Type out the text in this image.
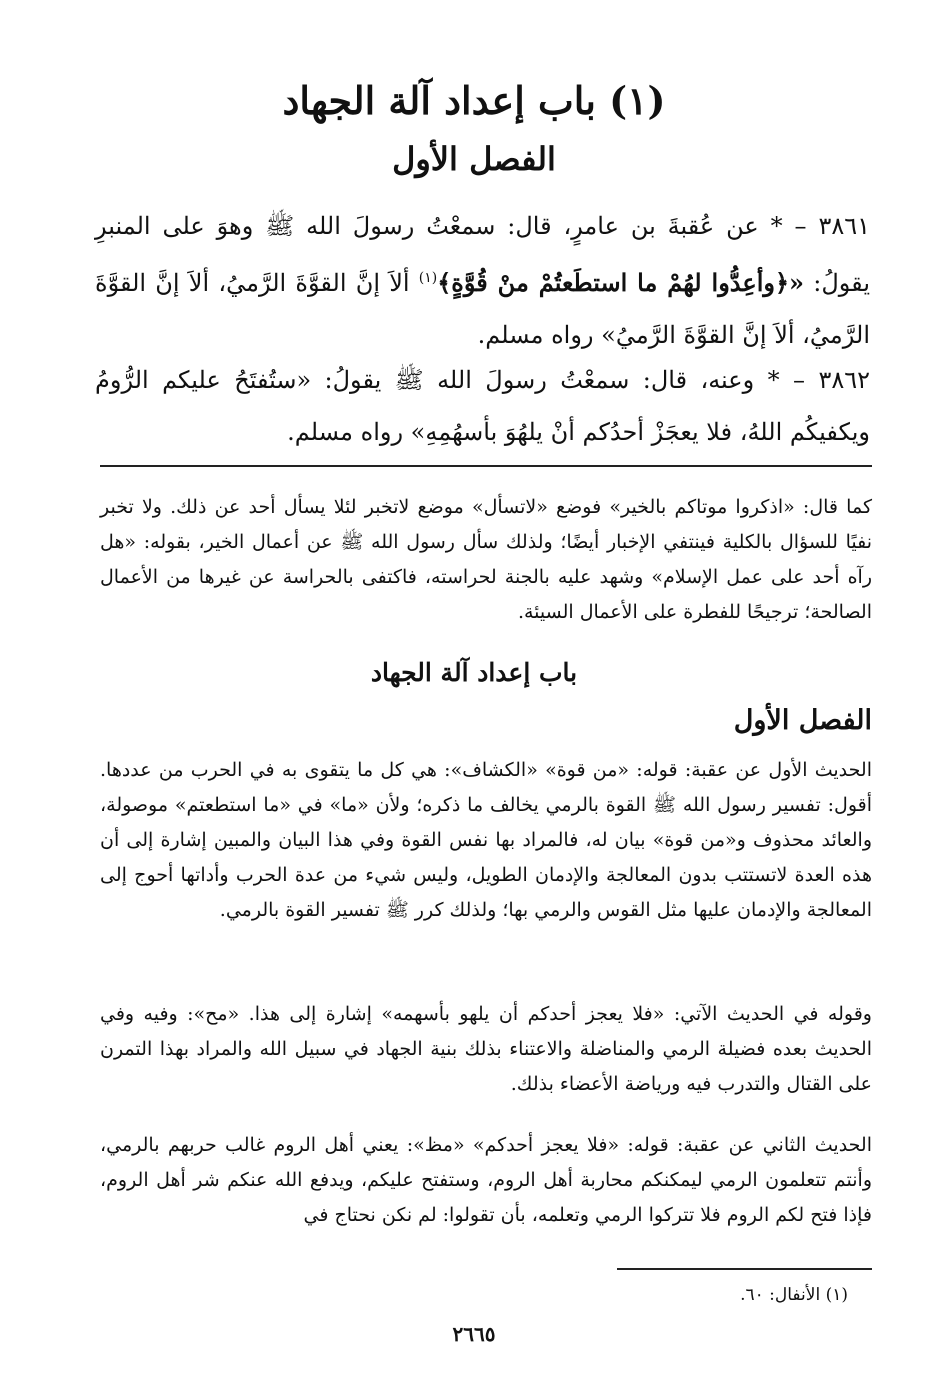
(١) باب إعداد آلة الجهاد
الفصل الأول
٣٨٦١ – * عن عُقبةَ بن عامرٍ، قال: سمعْتُ رسولَ الله ﷺ وهوَ على المنبرِ يقولُ: «﴿وأعِدُّوا لهُمْ ما استطَعتُمْ منْ قُوَّةٍ﴾$^{(١)}$ ألاَ إنَّ القوَّةَ الرَّميُ، ألاَ إنَّ القوَّةَ الرَّميُ، ألاَ إنَّ القوَّةَ الرَّميُ» رواه مسلم.
٣٨٦٢ – * وعنه، قال: سمعْتُ رسولَ الله ﷺ يقولُ: «ستُفتَحُ عليكم الرُّومُ ويكفيكُم اللهُ، فلا يعجَزْ أحدُكم أنْ يلهُوَ بأسهُمِهِ» رواه مسلم.
كما قال: «اذكروا موتاكم بالخير» فوضع «لاتسأل» موضع لاتخبر لئلا يسأل أحد عن ذلك. ولا تخبر نفيًا للسؤال بالكلية فينتفي الإخبار أيضًا؛ ولذلك سأل رسول الله ﷺ عن أعمال الخير، بقوله: «هل رآه أحد على عمل الإسلام» وشهد عليه بالجنة لحراسته، فاكتفى بالحراسة عن غيرها من الأعمال الصالحة؛ ترجيحًا للفطرة على الأعمال السيئة.
باب إعداد آلة الجهاد
الفصل الأول
الحديث الأول عن عقبة: قوله: «من قوة» «الكشاف»: هي كل ما يتقوى به في الحرب من عددها. أقول: تفسير رسول الله ﷺ القوة بالرمي يخالف ما ذكره؛ ولأن «ما» في «ما استطعتم» موصولة، والعائد محذوف و«من قوة» بيان له، فالمراد بها نفس القوة وفي هذا البيان والمبين إشارة إلى أن هذه العدة لاتستتب بدون المعالجة والإدمان الطويل، وليس شيء من عدة الحرب وأداتها أحوج إلى المعالجة والإدمان عليها مثل القوس والرمي بها؛ ولذلك كرر ﷺ تفسير القوة بالرمي.
وقوله في الحديث الآتي: «فلا يعجز أحدكم أن يلهو بأسهمه» إشارة إلى هذا. «مح»: وفيه وفي الحديث بعده فضيلة الرمي والمناضلة والاعتناء بذلك بنية الجهاد في سبيل الله والمراد بهذا التمرن على القتال والتدرب فيه ورياضة الأعضاء بذلك.
الحديث الثاني عن عقبة: قوله: «فلا يعجز أحدكم» «مظ»: يعني أهل الروم غالب حربهم بالرمي، وأنتم تتعلمون الرمي ليمكنكم محاربة أهل الروم، وستفتح عليكم، ويدفع الله عنكم شر أهل الروم، فإذا فتح لكم الروم فلا تتركوا الرمي وتعلمه، بأن تقولوا: لم نكن نحتاج في
(١) الأنفال: ٦٠.
٢٦٦٥
